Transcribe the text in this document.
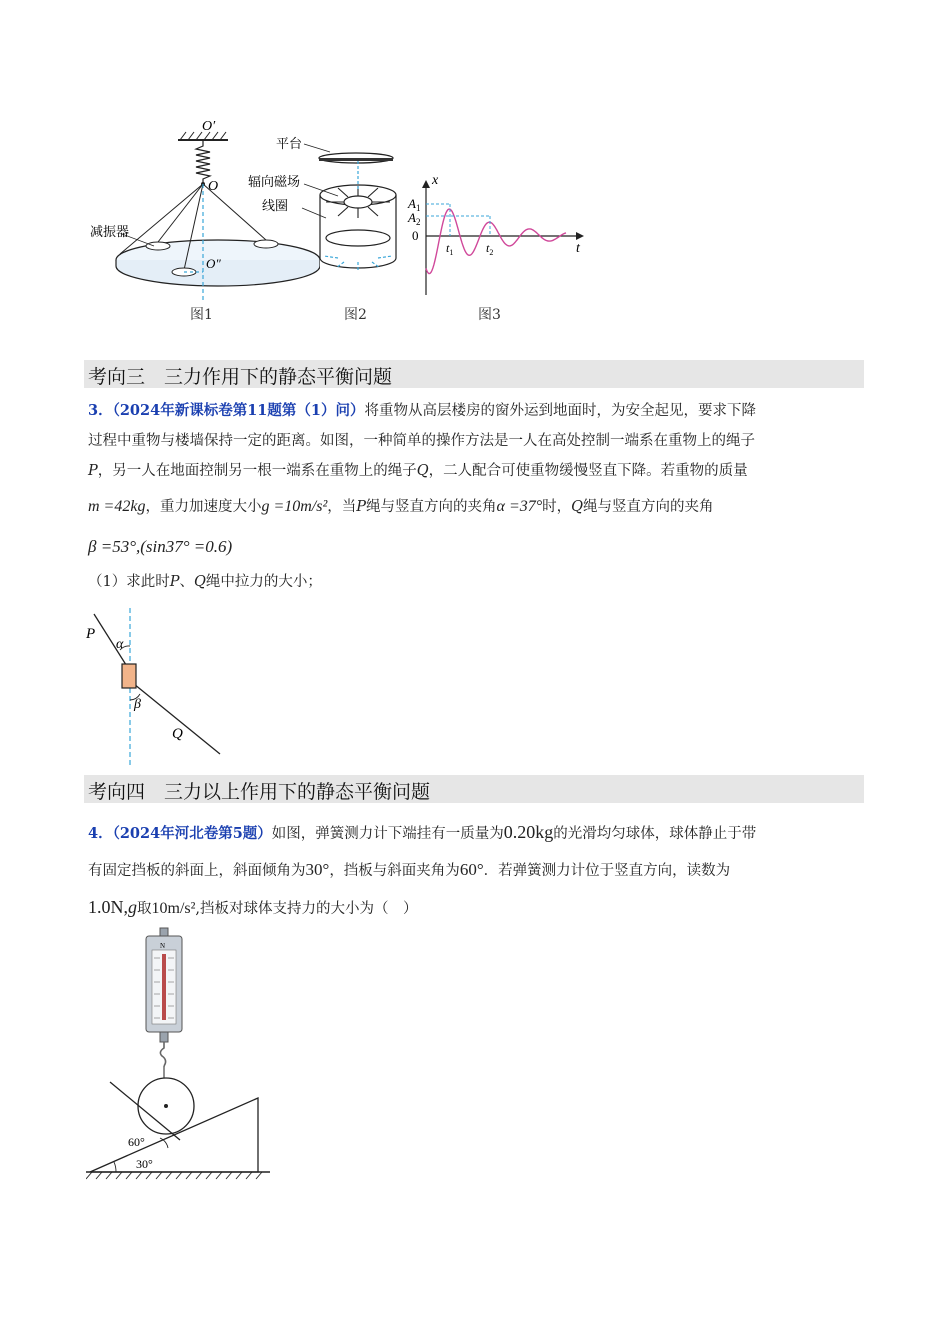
O′
O
O″
减振器
平台
辐向磁场
线圈
x
t
$A_1$
$A_2$
0
$t_1$	$t_2$
图1	图2	图3
考向三　三力作用下的静态平衡问题
3．（2024年新课标卷第11题第（1）问）将重物从高层楼房的窗外运到地面时，为安全起见，要求下降
过程中重物与楼墙保持一定的距离。如图，一种简单的操作方法是一人在高处控制一端系在重物上的绳子
P，另一人在地面控制另一根一端系在重物上的绳子Q，二人配合可使重物缓慢竖直下降。若重物的质量
m =42kg，重力加速度大小g =10m/s²，当P绳与竖直方向的夹角α =37°时，Q绳与竖直方向的夹角
β =53°,(sin37° =0.6)
（1）求此时P、Q绳中拉力的大小；
P
α
β
Q
考向四　三力以上作用下的静态平衡问题
4．（2024年河北卷第5题）如图，弹簧测力计下端挂有一质量为0.20kg的光滑均匀球体，球体静止于带
有固定挡板的斜面上，斜面倾角为30°，挡板与斜面夹角为60°．若弹簧测力计位于竖直方向，读数为
1.0N,g取10m/s²,挡板对球体支持力的大小为（　）
N
60°
30°
